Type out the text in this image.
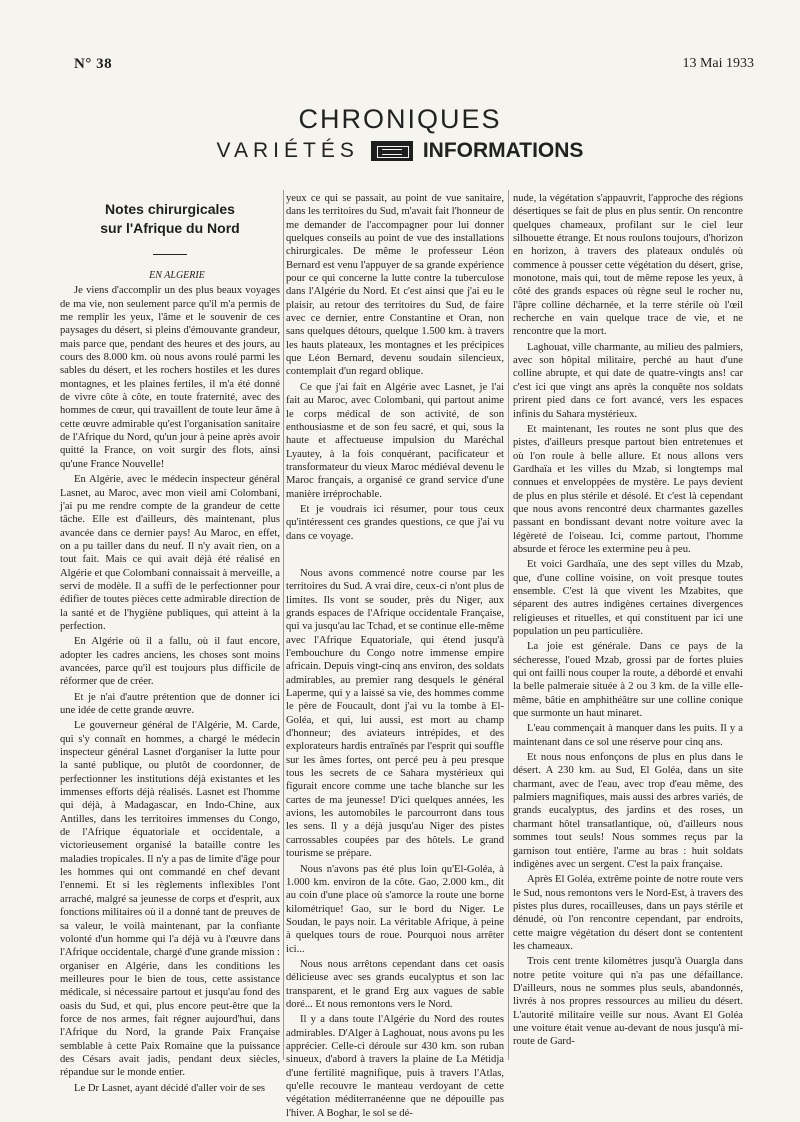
N° 38	13 Mai 1933
CHRONIQUES
VARIÉTÉS	INFORMATIONS
Notes chirurgicales
sur l'Afrique du Nord

EN ALGERIE

Je viens d'accomplir un des plus beaux voyages de ma vie, non seulement parce qu'il m'a permis de me remplir les yeux, l'âme et le souvenir de ces paysages du désert, si pleins d'émouvante grandeur, mais parce que, pendant des heures et des jours, au cours des 8.000 km. où nous avons roulé parmi les sables du désert, et les rochers hostiles et les dures montagnes, et les plaines fertiles, il m'a été donné de vivre côte à côte, en toute fraternité, avec des hommes de cœur, qui travaillent de toute leur âme à cette œuvre admirable qu'est l'organisation sanitaire de l'Afrique du Nord, qu'un jour à peine après avoir quitté la France, on voit surgir des flots, ainsi qu'une France Nouvelle!

En Algérie, avec le médecin inspecteur général Lasnet, au Maroc, avec mon vieil ami Colombani, j'ai pu me rendre compte de la grandeur de cette tâche. Elle est d'ailleurs, dès maintenant, plus avancée dans ce dernier pays! Au Maroc, en effet, on a pu tailler dans du neuf. Il n'y avait rien, on a tout fait. Mais ce qui avait déjà été réalisé en Algérie et que Colombani connaissait à merveille, a servi de modèle. Il a suffi de le perfectionner pour édifier de toutes pièces cette admirable direction de la santé et de l'hygiène publiques, qui atteint à la perfection.

En Algérie où il a fallu, où il faut encore, adopter les cadres anciens, les choses sont moins avancées, parce qu'il est toujours plus difficile de réformer que de créer.

Et je n'ai d'autre prétention que de donner ici une idée de cette grande œuvre.

Le gouverneur général de l'Algérie, M. Carde, qui s'y connaît en hommes, a chargé le médecin inspecteur général Lasnet d'organiser la lutte pour la santé publique, ou plutôt de coordonner, de perfectionner les institutions déjà existantes et les immenses efforts déjà réalisés. Lasnet est l'homme qui déjà, à Madagascar, en Indo-Chine, aux Antilles, dans les territoires immenses du Congo, de l'Afrique équatoriale et occidentale, a victorieusement organisé la bataille contre les maladies tropicales. Il n'y a pas de limite d'âge pour les hommes qui ont commandé en chef devant l'ennemi. Et si les règlements inflexibles l'ont arraché, malgré sa jeunesse de corps et d'esprit, aux fonctions militaires où il a donné tant de preuves de sa valeur, le voilà maintenant, par la confiante volonté d'un homme qui l'a déjà vu à l'œuvre dans l'Afrique occidentale, chargé d'une grande mission : organiser en Algérie, dans les conditions les meilleures pour le bien de tous, cette assistance médicale, si nécessaire partout et jusqu'au fond des oasis du Sud, et qui, plus encore peut-être que la force de nos armes, fait régner aujourd'hui, dans l'Afrique du Nord, la grande Paix Française semblable à cette Paix Romaine que la puissance des Césars avait jadis, pendant deux siècles, répandue sur le monde entier.

Le Dr Lasnet, ayant décidé d'aller voir de ses

yeux ce qui se passait, au point de vue sanitaire, dans les territoires du Sud, m'avait fait l'honneur de me demander de l'accompagner pour lui donner quelques conseils au point de vue des installations chirurgicales. De même le professeur Léon Bernard est venu l'appuyer de sa grande expérience pour ce qui concerne la lutte contre la tuberculose dans l'Algérie du Nord. Et c'est ainsi que j'ai eu le plaisir, au retour des territoires du Sud, de faire avec ce dernier, entre Constantine et Oran, non sans quelques détours, quelque 1.500 km. à travers les hauts plateaux, les montagnes et les précipices que Léon Bernard, devenu soudain silencieux, contemplait d'un regard oblique.

Ce que j'ai fait en Algérie avec Lasnet, je l'ai fait au Maroc, avec Colombani, qui partout anime le corps médical de son activité, de son enthousiasme et de son feu sacré, et qui, sous la haute et affectueuse impulsion du Maréchal Lyautey, à la fois conquérant, pacificateur et transformateur du vieux Maroc médiéval devenu le Maroc français, a organisé ce grand service d'une manière irréprochable.

Et je voudrais ici résumer, pour tous ceux qu'intéressent ces grandes questions, ce que j'ai vu dans ce voyage.

Nous avons commencé notre course par les territoires du Sud. A vrai dire, ceux-ci n'ont plus de limites. Ils vont se souder, près du Niger, aux grands espaces de l'Afrique occidentale Française, qui va jusqu'au lac Tchad, et se continue elle-même avec l'Afrique Equatoriale, qui étend jusqu'à l'embouchure du Congo notre immense empire africain. Depuis vingt-cinq ans environ, des soldats admirables, au premier rang desquels le général Laperme, qui y a laissé sa vie, des hommes comme le père de Foucault, dont j'ai vu la tombe à El-Goléa, et qui, lui aussi, est mort au champ d'honneur; des aviateurs intrépides, et des explorateurs hardis entraînés par l'esprit qui souffle sur les âmes fortes, ont percé peu à peu presque tous les secrets de ce Sahara mystérieux qui figurait encore comme une tache blanche sur les cartes de ma jeunesse! D'ici quelques années, les avions, les automobiles le parcourront dans tous les sens. Il y a déjà jusqu'au Niger des pistes carrossables coupées par des hôtels. Le grand tourisme se prépare.

Nous n'avons pas été plus loin qu'El-Goléa, à 1.000 km. environ de la côte. Gao, 2.000 km., dit au coin d'une place où s'amorce la route une borne kilométrique! Gao, sur le bord du Niger. Le Soudan, le pays noir. La véritable Afrique, à peine à quelques tours de roue. Pourquoi nous arrêter ici...

Nous nous arrêtons cependant dans cet oasis délicieuse avec ses grands eucalyptus et son lac transparent, et le grand Erg aux vagues de sable doré... Et nous remontons vers le Nord.

Il y a dans toute l'Algérie du Nord des routes admirables. D'Alger à Laghouat, nous avons pu les apprécier. Celle-ci déroule sur 430 km. son ruban sinueux, d'abord à travers la plaine de La Métidja d'une fertilité magnifique, puis à travers l'Atlas, qu'elle recouvre le manteau verdoyant de cette végétation méditerranéenne que ne dépouille pas l'hiver. A Boghar, le sol se dé-

nude, la végétation s'appauvrit, l'approche des régions désertiques se fait de plus en plus sentir. On rencontre quelques chameaux, profilant sur le ciel leur silhouette étrange. Et nous roulons toujours, d'horizon en horizon, à travers des plateaux ondulés où commence à pousser cette végétation du désert, grise, monotone, mais qui, tout de même repose les yeux, à côté des grands espaces où règne seul le rocher nu, l'âpre colline décharnée, et la terre stérile où l'œil recherche en vain quelque trace de vie, et ne rencontre que la mort.

Laghouat, ville charmante, au milieu des palmiers, avec son hôpital militaire, perché au haut d'une colline abrupte, et qui date de quatre-vingts ans! car c'est ici que vingt ans après la conquête nos soldats prirent pied dans ce fort avancé, vers les espaces infinis du Sahara mystérieux.

Et maintenant, les routes ne sont plus que des pistes, d'ailleurs presque partout bien entretenues et où l'on roule à belle allure. Et nous allons vers Gardhaïa et les villes du Mzab, si longtemps mal connues et enveloppées de mystère. Le pays devient de plus en plus stérile et désolé. Et c'est là cependant que nous avons rencontré deux charmantes gazelles passant en bondissant devant notre voiture avec la légèreté de l'oiseau. Ici, comme partout, l'homme absurde et féroce les extermine peu à peu.

Et voici Gardhaïa, une des sept villes du Mzab, que, d'une colline voisine, on voit presque toutes ensemble. C'est là que vivent les Mzabites, que séparent des autres indigènes certaines divergences religieuses et rituelles, et qui constituent par ici une population un peu particulière.

La joie est générale. Dans ce pays de la sécheresse, l'oued Mzab, grossi par de fortes pluies qui ont failli nous couper la route, a débordé et envahi la belle palmeraie située à 2 ou 3 km. de la ville elle-même, bâtie en amphithéâtre sur une colline conique que surmonte un haut minaret.

L'eau commençait à manquer dans les puits. Il y a maintenant dans ce sol une réserve pour cinq ans.

Et nous nous enfonçons de plus en plus dans le désert. A 230 km. au Sud, El Goléa, dans un site charmant, avec de l'eau, avec trop d'eau même, des palmiers magnifiques, mais aussi des arbres variés, de grands eucalyptus, des jardins et des roses, un charmant hôtel transatlantique, où, d'ailleurs nous sommes tout seuls! Nous sommes reçus par la garnison tout entière, l'arme au bras : huit soldats indigènes avec un sergent. C'est la paix française.

Après El Goléa, extrême pointe de notre route vers le Sud, nous remontons vers le Nord-Est, à travers des pistes plus dures, rocailleuses, dans un pays stérile et dénudé, où l'on rencontre cependant, par endroits, cette maigre végétation du désert dont se contentent les chameaux.

Trois cent trente kilomètres jusqu'à Ouargla dans notre petite voiture qui n'a pas une défaillance. D'ailleurs, nous ne sommes plus seuls, abandonnés, livrés à nos propres ressources au milieu du désert. L'autorité militaire veille sur nous. Avant El Goléa une voiture était venue au-devant de nous jusqu'à mi-route de Gard-
